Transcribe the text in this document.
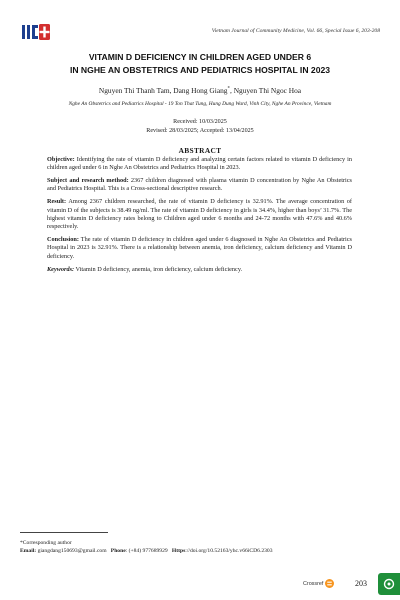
Vietnam Journal of Community Medicine, Vol. 66, Special Issue 6, 203-208
VITAMIN D DEFICIENCY IN CHILDREN AGED UNDER 6
IN NGHE AN OBSTETRICS AND PEDIATRICS HOSPITAL IN 2023
Nguyen Thi Thanh Tam, Dang Hong Giang*, Nguyen Thi Ngoc Hoa
Nghe An Obstetrics and Pediatrics Hospital - 19 Ton That Tung, Hung Dung Ward, Vinh City, Nghe An Province, Vietnam
Received: 10/03/2025
Revised: 28/03/2025; Accepted: 13/04/2025
ABSTRACT

Objective: Identifying the rate of vitamin D deficiency and analyzing certain factors related to vitamin D deficiency in children aged under 6 in Nghe An Obstetrics and Pediatrics Hospital in 2023.

Subject and research method: 2367 children diagnosed with plasma vitamin D concentration by Nghe An Obstetrics and Pediatrics Hospital. This is a Cross-sectional descriptive research.

Result: Among 2367 children researched, the rate of vitamin D deficiency is 32.91%. The average concentration of vitamin D of the subjects is 38.49 ng/ml. The rate of vitamin D deficiency in girls is 34.4%, higher than boys’ 31.7%. The highest vitamin D deficiency rates belong to Children aged under 6 months and 24-72 months with 47.6% and 40.6% respectively.

Conclusion: The rate of vitamin D deficiency in children aged under 6 diagnosed in Nghe An Obstetrics and Pediatrics Hospital in 2023 is 32.91%. There is a relationship between anemia, iron deficiency, calcium deficiency and Vitamin D deficiency.

Keywords: Vitamin D deficiency, anemia, iron deficiency, calcium deficiency.

*Corresponding author
Email: giangdang150693@gmail.com Phone: (+84) 977689929 Https://doi.org/10.52163/yhc.v66iCD6.2303
Crossref	203
